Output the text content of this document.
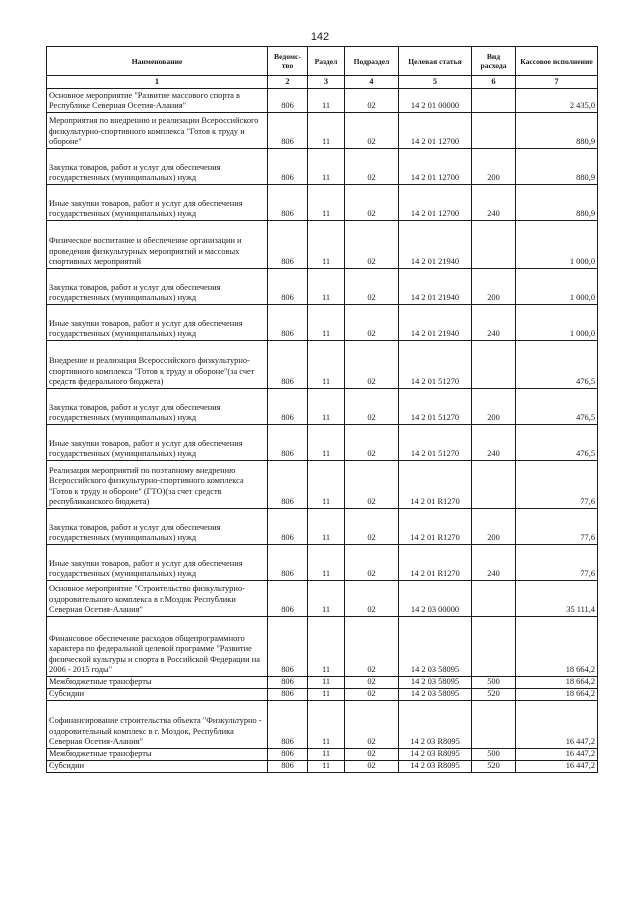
142
Наименование	Ведомс-тво	Раздел	Подраздел	Целевая статья	Вид расхода	Кассовое исполнение
1	2	3	4	5	6	7
Основное мероприятие "Развитие массового спорта в Республике Северная Осетия-Алания"	806	11	02	14 2 01 00000		2 435,0
Мероприятия по внедрению и реализации Всероссийского физкультурно-спортивного комплекса "Готов к труду и обороне"	806	11	02	14 2 01 12700		880,9
Закупка товаров, работ и услуг для обеспечения государственных (муниципальных) нужд	806	11	02	14 2 01 12700	200	880,9
Иные закупки товаров, работ и услуг для обеспечения государственных (муниципальных) нужд	806	11	02	14 2 01 12700	240	880,9
Физическое воспитание и обеспечение организации и проведения физкультурных мероприятий и массовых спортивных мероприятий	806	11	02	14 2 01 21940		1 000,0
Закупка товаров, работ и услуг для обеспечения государственных (муниципальных) нужд	806	11	02	14 2 01 21940	200	1 000,0
Иные закупки товаров, работ и услуг для обеспечения государственных (муниципальных) нужд	806	11	02	14 2 01 21940	240	1 000,0
Внедрение и реализация Всероссийского физкультурно-спортивного комплекса "Готов к труду и обороне"(за счет средств федерального бюджета)	806	11	02	14 2 01 51270		476,5
Закупка товаров, работ и услуг для обеспечения государственных (муниципальных) нужд	806	11	02	14 2 01 51270	200	476,5
Иные закупки товаров, работ и услуг для обеспечения государственных (муниципальных) нужд	806	11	02	14 2 01 51270	240	476,5
Реализация мероприятий по поэтапному внедрению Всероссийского физкультурно-спортивного комплекса "Готов к труду и обороне" (ГТО)(за счет средств республиканского бюджета)	806	11	02	14 2 01 R1270		77,6
Закупка товаров, работ и услуг для обеспечения государственных (муниципальных) нужд	806	11	02	14 2 01 R1270	200	77,6
Иные закупки товаров, работ и услуг для обеспечения государственных (муниципальных) нужд	806	11	02	14 2 01 R1270	240	77,6
Основное мероприятие "Строительство физкультурно-оздоровительного комплекса в г.Моздок Республики Северная Осетия-Алания"	806	11	02	14 2 03 00000		35 111,4
Финансовое обеспечение расходов общепрограммного характера по федеральной целевой программе "Развитие физической культуры и спорта в Российской Федерации на 2006 - 2015 годы"	806	11	02	14 2 03 58095		18 664,2
Межбюджетные трансферты	806	11	02	14 2 03 58095	500	18 664,2
Субсидии	806	11	02	14 2 03 58095	520	18 664,2
Софинансирование строительства объекта "Физкультурно - оздоровительный комплекс в г. Моздок, Республика Северная Осетия-Алания"	806	11	02	14 2 03 R8095		16 447,2
Межбюджетные трансферты	806	11	02	14 2 03 R8095	500	16 447,2
Субсидии	806	11	02	14 2 03 R8095	520	16 447,2
